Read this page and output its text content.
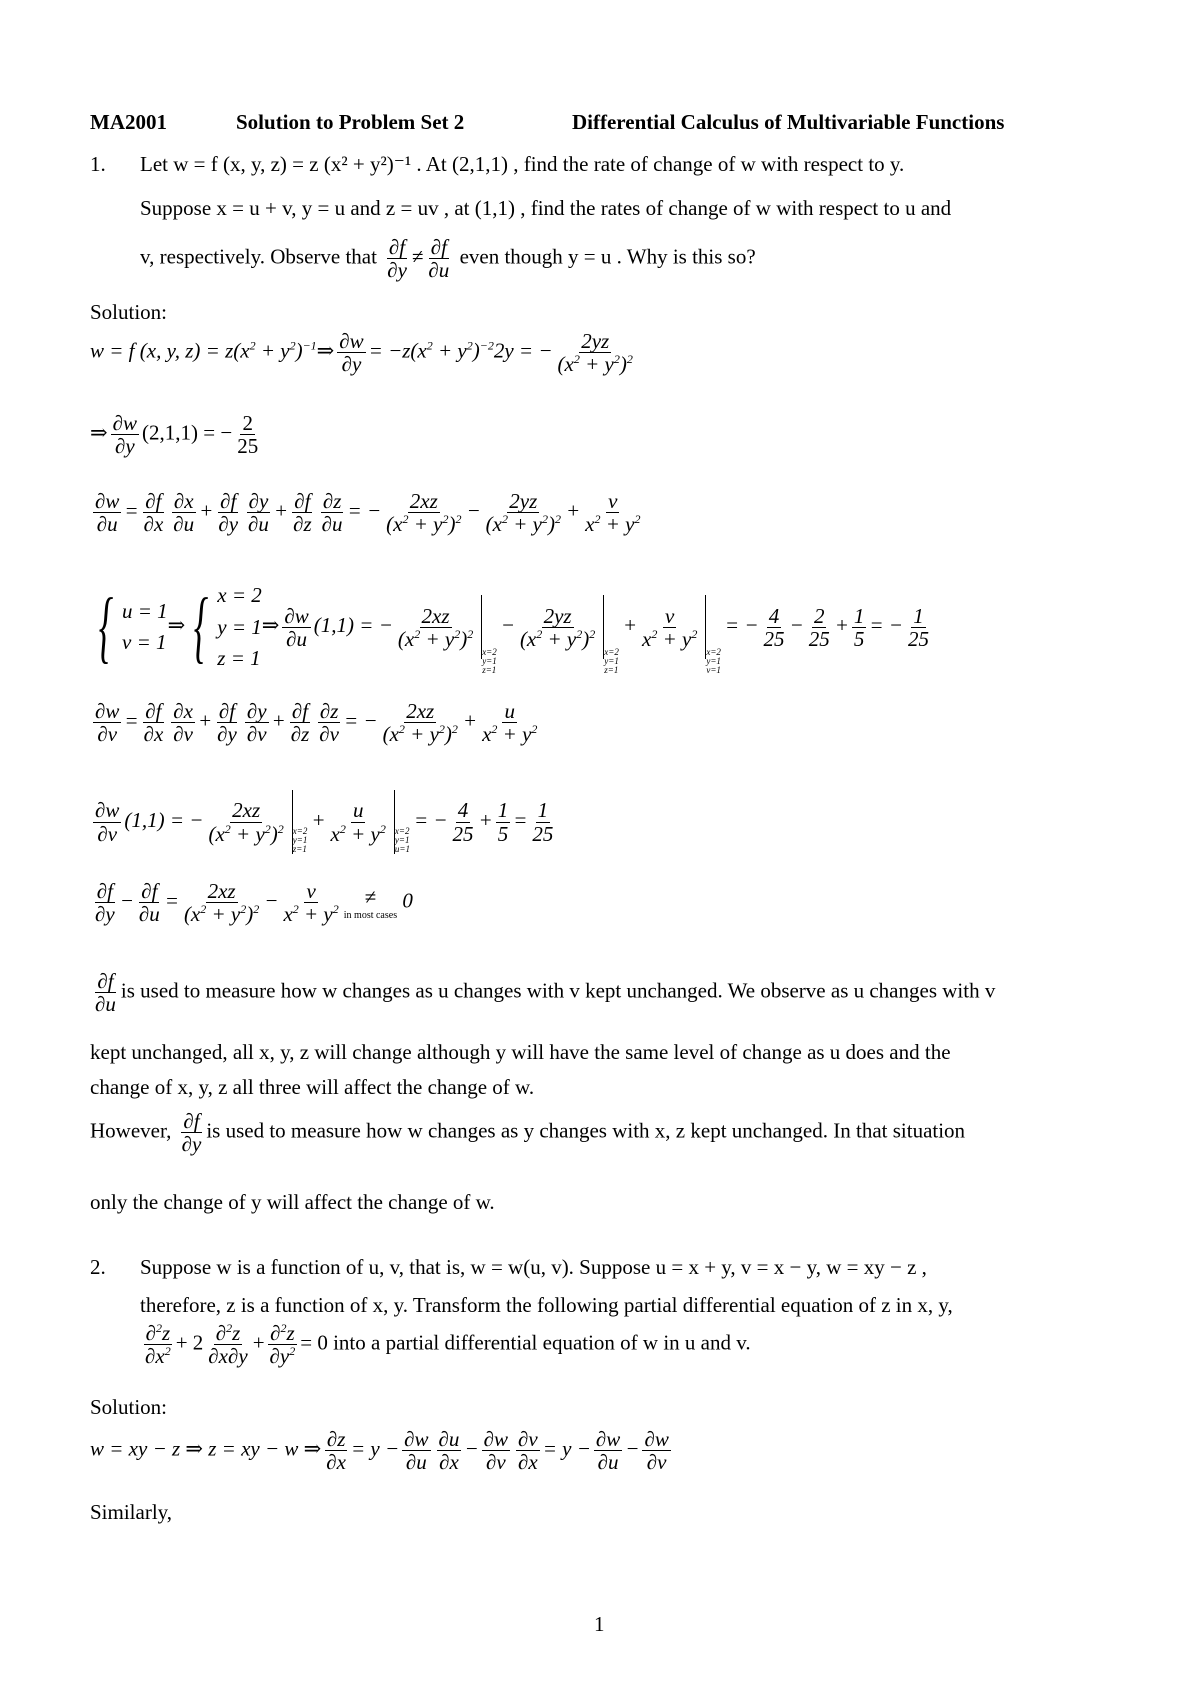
MA2001	Solution to Problem Set 2	Differential Calculus of Multivariable Functions
1. Let w = f (x, y, z) = z (x² + y²)⁻¹ . At (2,1,1) , find the rate of change of w with respect to y.
Suppose x = u + v, y = u and z = uv , at (1,1) , find the rates of change of w with respect to u and
v, respectively. Observe that $\frac{\partial f}{\partial y} \ne \frac{\partial f}{\partial u}$ even though y = u . Why is this so?
Solution:
w = f (x, y, $z) = z(x^2$ + $y^2)^{-1}\Rightarrow \frac{\partial w}{\partial y} = -z(x^2 + y^2)^{-2}2y$ = − $\frac{2yz}{(x^2 + y^2)^2}$
⇒ $\frac{\partial w}{\partial y} (2,1,1)$ = − $\frac{2}{25}$
$\frac{\partial w}{\partial u} = \frac{\partial f}{\partial x} \frac{\partial x}{\partial u} + \frac{\partial f}{\partial y} \frac{\partial y}{\partial u} + \frac{\partial f}{\partial z} \frac{\partial z}{\partial u}$ = − $\frac{2xz}{(x^2 + y^2)^2} - \frac{2yz}{(x^2 + y^2)^2} + \frac{v}{x^2 + y^2}$
{ u = 1
v = 1
⇒ { x = 2
y = 1
z = 1
⇒ $\frac{\partial w}{\partial u} (1,1)$ = − $\frac{2xz}{(x^2 + y^2)^2}$
x=2
y=1
z=1
− $\frac{2yz}{(x^2 + y^2)^2}$
x=2
y=1
z=1
+ $\frac{v}{x^2 + y^2}$
x=2
y=1
v=1
= − $\frac{4}{25} - \frac{2}{25} + \frac{1}{5}$ = − $\frac{1}{25}$
$\frac{\partial w}{\partial v} = \frac{\partial f}{\partial x} \frac{\partial x}{\partial v} + \frac{\partial f}{\partial y} \frac{\partial y}{\partial v} + \frac{\partial f}{\partial z} \frac{\partial z}{\partial v}$ = − $\frac{2xz}{(x^2 + y^2)^2} + \frac{u}{x^2 + y^2}$
$\frac{\partial w}{\partial v} (1,1)$ = − $\frac{2xz}{(x^2 + y^2)^2} x=2$
y=1
z=1
+ $\frac{u}{x^2 + y^2} x=2$
y=1
u=1
= − $\frac{4}{25} + \frac{1}{5} = \frac{1}{25}$
$\frac{\partial f}{\partial y} - \frac{\partial f}{\partial u} = \frac{2xz}{(x^2 + y^2)^2} - \frac{v}{x^2 + y^2}$ ≠
in most cases
0
$\frac{\partial f}{\partial u}$ is used to measure how w changes as u changes with v kept unchanged. We observe as u changes with v
kept unchanged, all x, y, z will change although y will have the same level of change as u does and the
change of x, y, z all three will affect the change of w.
However, $\frac{\partial f}{\partial y}$ is used to measure how w changes as y changes with x, z kept unchanged. In that situation
only the change of y will affect the change of w.
2. Suppose w is a function of u, v, that is, w = w(u, v). Suppose u = x + y, v = x − y, w = xy − z ,
therefore, z is a function of x, y. Transform the following partial differential equation of z in x, y,
$\frac{\partial^2z}{\partial x^2} + 2 \frac{\partial^2z}{\partial x\partial y} + \frac{\partial^2z}{\partial y^2} = 0$ into a partial differential equation of w in u and v.
Solution:
w = xy − z ⇒ z = xy − w ⇒ $\frac{\partial z}{\partial x} = y - \frac{\partial w}{\partial u} \frac{\partial u}{\partial x} - \frac{\partial w}{\partial v} \frac{\partial v}{\partial x} = y - \frac{\partial w}{\partial u} - \frac{\partial w}{\partial v}$
Similarly,
1
